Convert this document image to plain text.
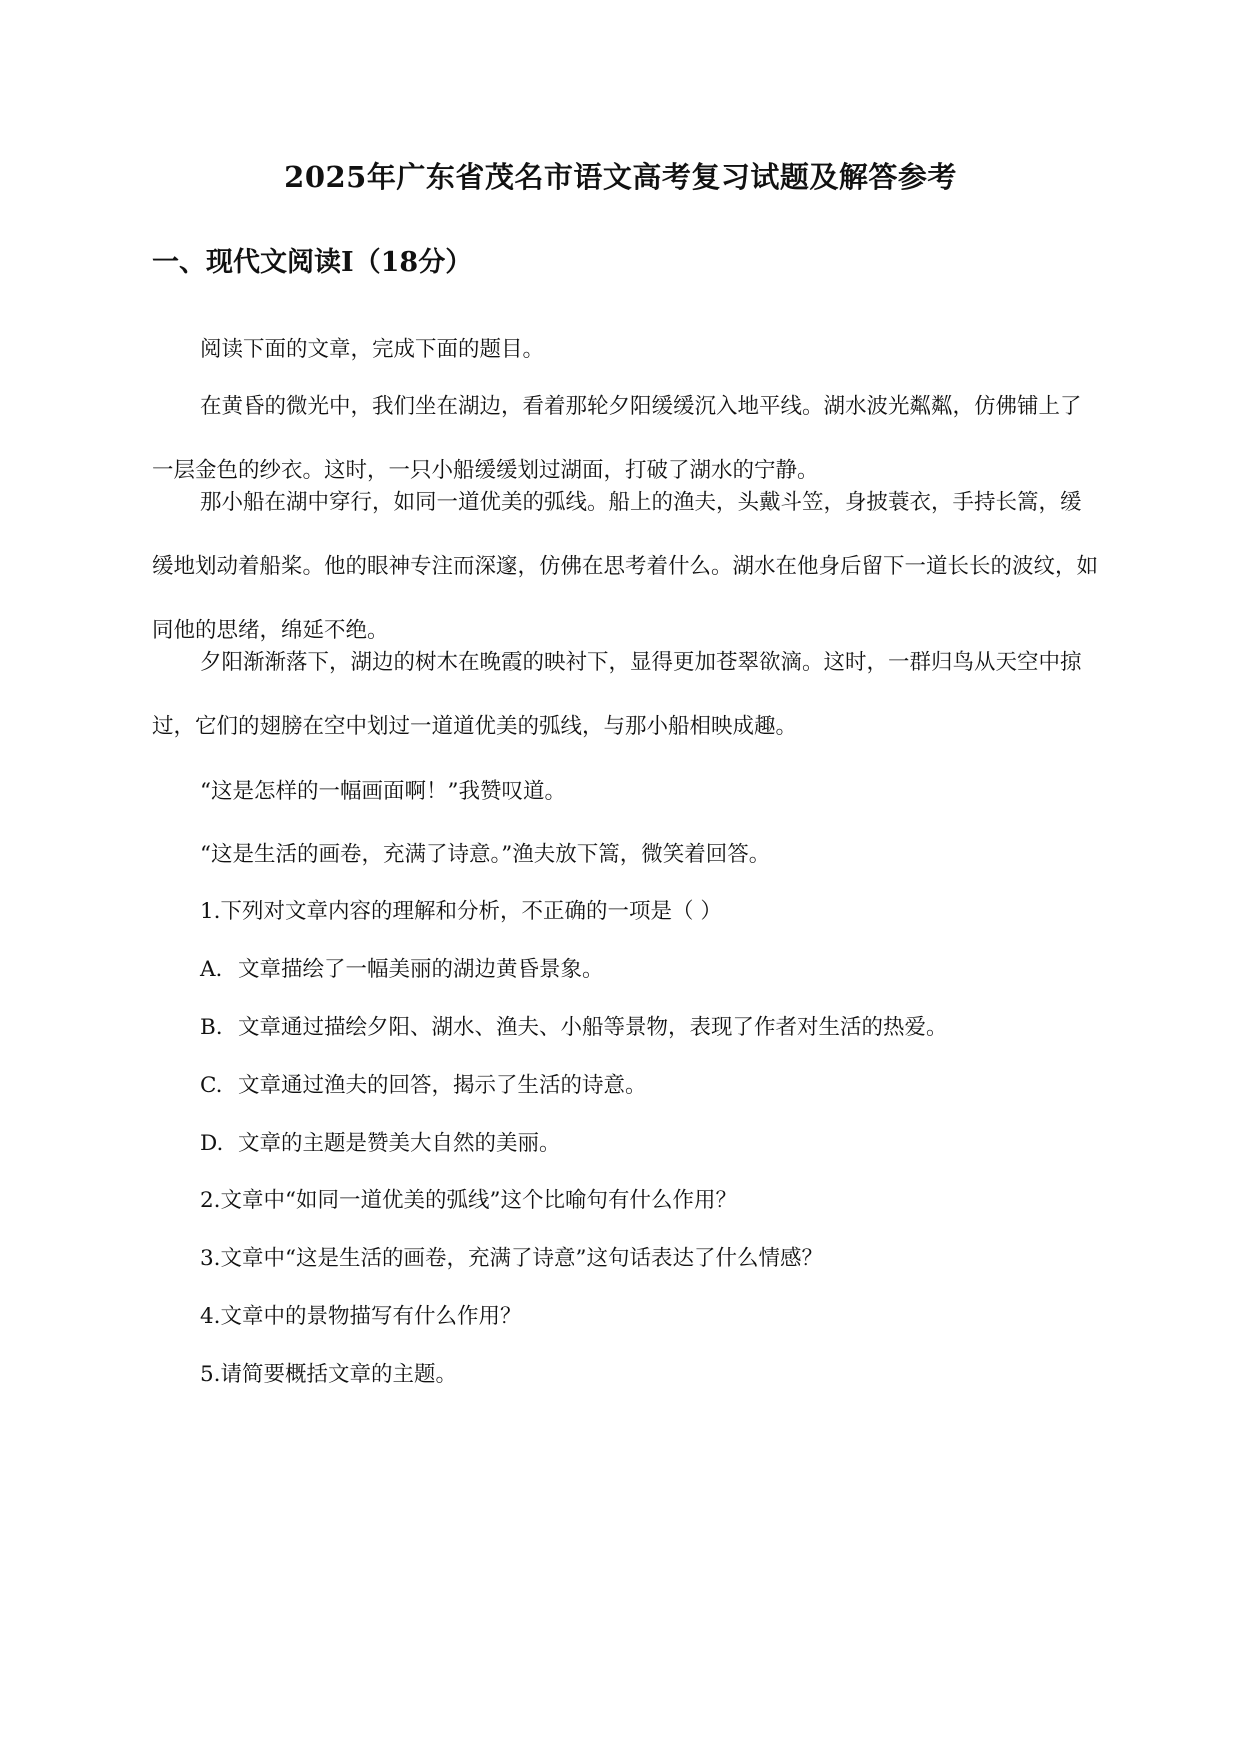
2025年广东省茂名市语文高考复习试题及解答参考
一、现代文阅读Ⅰ（18分）

阅读下面的文章，完成下面的题目。

在黄昏的微光中，我们坐在湖边，看着那轮夕阳缓缓沉入地平线。湖水波光粼粼，仿佛铺上了一层金色的纱衣。这时，一只小船缓缓划过湖面，打破了湖水的宁静。

那小船在湖中穿行，如同一道优美的弧线。船上的渔夫，头戴斗笠，身披蓑衣，手持长篙，缓缓地划动着船桨。他的眼神专注而深邃，仿佛在思考着什么。湖水在他身后留下一道长长的波纹，如同他的思绪，绵延不绝。

夕阳渐渐落下，湖边的树木在晚霞的映衬下，显得更加苍翠欲滴。这时，一群归鸟从天空中掠过，它们的翅膀在空中划过一道道优美的弧线，与那小船相映成趣。

“这是怎样的一幅画面啊！”我赞叹道。

“这是生活的画卷，充满了诗意。”渔夫放下篙，微笑着回答。

1.下列对文章内容的理解和分析，不正确的一项是（ ）

A. 文章描绘了一幅美丽的湖边黄昏景象。

B. 文章通过描绘夕阳、湖水、渔夫、小船等景物，表现了作者对生活的热爱。

C. 文章通过渔夫的回答，揭示了生活的诗意。

D. 文章的主题是赞美大自然的美丽。

2.文章中“如同一道优美的弧线”这个比喻句有什么作用？

3.文章中“这是生活的画卷，充满了诗意”这句话表达了什么情感？

4.文章中的景物描写有什么作用？

5.请简要概括文章的主题。
